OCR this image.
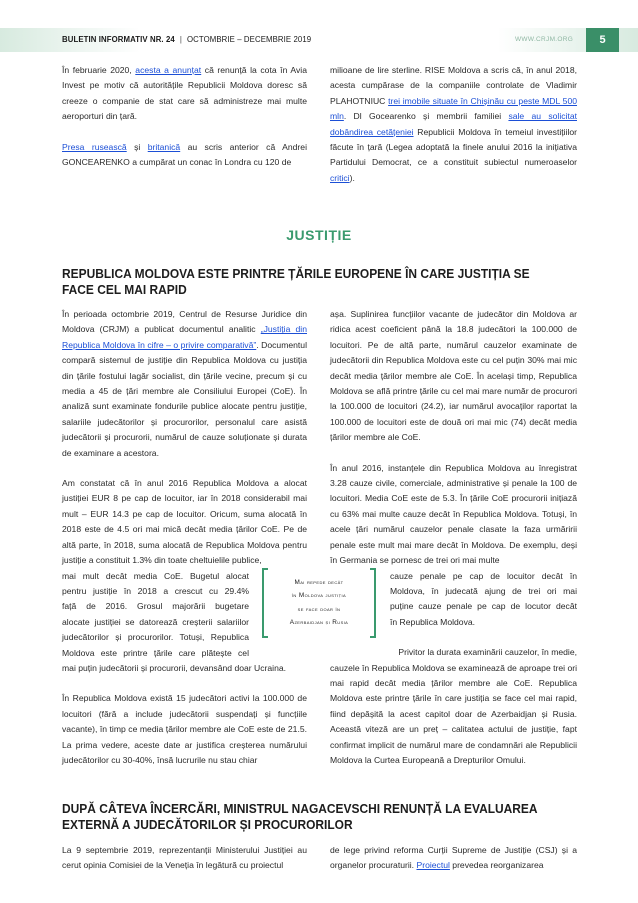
BULETIN INFORMATIV NR. 24 | OCTOMBRIE – DECEMBRIE 2019	WWW.CRJM.ORG	5

În februarie 2020, acesta a anunțat că renunță la cota în Avia Invest pe motiv că autoritățile Republicii Moldova doresc să creeze o companie de stat care să administreze mai multe aeroporturi din țară.

Presa rusească și britanică au scris anterior că Andrei GONCEARENKO a cumpărat un conac în Londra cu 120 de

milioane de lire sterline. RISE Moldova a scris că, în anul 2018, acesta cumpărase de la companiile controlate de Vladimir PLAHOTNIUC trei imobile situate în Chișinău cu peste MDL 500 mln. Dl Gocearenko și membrii familiei sale au solicitat dobândirea cetățeniei Republicii Moldova în temeiul investițiilor făcute în țară (Legea adoptată la finele anului 2016 la inițiativa Partidului Democrat, ce a constituit subiectul numeroaselor critici).

JUSTIȚIE
REPUBLICA MOLDOVA ESTE PRINTRE ȚĂRILE EUROPENE ÎN CARE JUSTIȚIA SE FACE CEL MAI RAPID

În perioada octombrie 2019, Centrul de Resurse Juridice din Moldova (CRJM) a publicat documentul analitic „Justiția din Republica Moldova în cifre – o privire comparativă”. Documentul compară sistemul de justiție din Republica Moldova cu justiția din țările fostului lagăr socialist, din țările vecine, precum și cu media a 45 de țări membre ale Consiliului Europei (CoE). În analiză sunt examinate fondurile publice alocate pentru justiție, salariile judecătorilor și procurorilor, personalul care asistă judecătorii și procurorii, numărul de cauze soluționate și durata de examinare a acestora.

Am constatat că în anul 2016 Republica Moldova a alocat justiției EUR 8 pe cap de locuitor, iar în 2018 considerabil mai mult – EUR 14.3 pe cap de locuitor. Oricum, suma alocată în 2018 este de 4.5 ori mai mică decât media țărilor CoE. Pe de altă parte, în 2018, suma alocată de Republica Moldova pentru justiție a constituit 1.3% din toate cheltuielile publice,

mai mult decât media CoE. Bugetul alocat
pentru justiție în 2018 a crescut cu 29.4%
față de 2016. Grosul majorării bugetare
alocate justiției se datorează creșterii salariilor
judecătorilor și procurorilor. Totuși, Republica
Moldova este printre țările care plătește cel

mai puțin judecătorii și procurorii, devansând doar Ucraina.

În Republica Moldova există 15 judecători activi la 100.000 de locuitori (fără a include judecătorii suspendați și funcțiile vacante), în timp ce media țărilor membre ale CoE este de 21.5. La prima vedere, aceste date ar justifica creșterea numărului judecătorilor cu 30-40%, însă lucrurile nu stau chiar

așa. Suplinirea funcțiilor vacante de judecător din Moldova ar ridica acest coeficient până la 18.8 judecători la 100.000 de locuitori. Pe de altă parte, numărul cauzelor examinate de judecătorii din Republica Moldova este cu cel puțin 30% mai mic decât media țărilor membre ale CoE. În același timp, Republica Moldova se află printre țările cu cel mai mare număr de procurori la 100.000 de locuitori (24.2), iar numărul avocaților raportat la 100.000 de locuitori este de două ori mai mic (74) decât media țărilor membre ale CoE.

În anul 2016, instanțele din Republica Moldova au înregistrat 3.28 cauze civile, comerciale, administrative și penale la 100 de locuitori. Media CoE este de 5.3. În țările CoE procurorii inițiază cu 63% mai multe cauze decât în Republica Moldova. Totuși, în acele țări numărul cauzelor penale clasate la faza urmăririi penale este mult mai mare decât în Moldova. De exemplu, deși în Germania se pornesc de trei ori mai multe

cauze penale pe cap de locuitor decât în
Moldova, în judecată ajung de trei ori mai
puține cauze penale pe cap de locutor decât
în Republica Moldova.
Privitor la durata examinării cauzelor, în medie,

cauzele în Republica Moldova se examinează de aproape trei ori mai rapid decât media țărilor membre ale CoE. Republica Moldova este printre țările în care justiția se face cel mai rapid, fiind depășită la acest capitol doar de Azerbaidjan și Rusia. Această viteză are un preț – calitatea actului de justiție, fapt confirmat implicit de numărul mare de condamnări ale Republicii Moldova la Curtea Europeană a Drepturilor Omului.

Mai repede decât
în Moldova justiția
se face doar în
Azerbaidjan și Rusia
DUPĂ CÂTEVA ÎNCERCĂRI, MINISTRUL NAGACEVSCHI RENUNȚĂ LA EVALUAREA EXTERNĂ A JUDECĂTORILOR ȘI PROCURORILOR

La 9 septembrie 2019, reprezentanții Ministerului Justiției au cerut opinia Comisiei de la Veneția în legătură cu proiectul

de lege privind reforma Curții Supreme de Justiție (CSJ) și a organelor procuraturii. Proiectul prevedea reorganizarea
